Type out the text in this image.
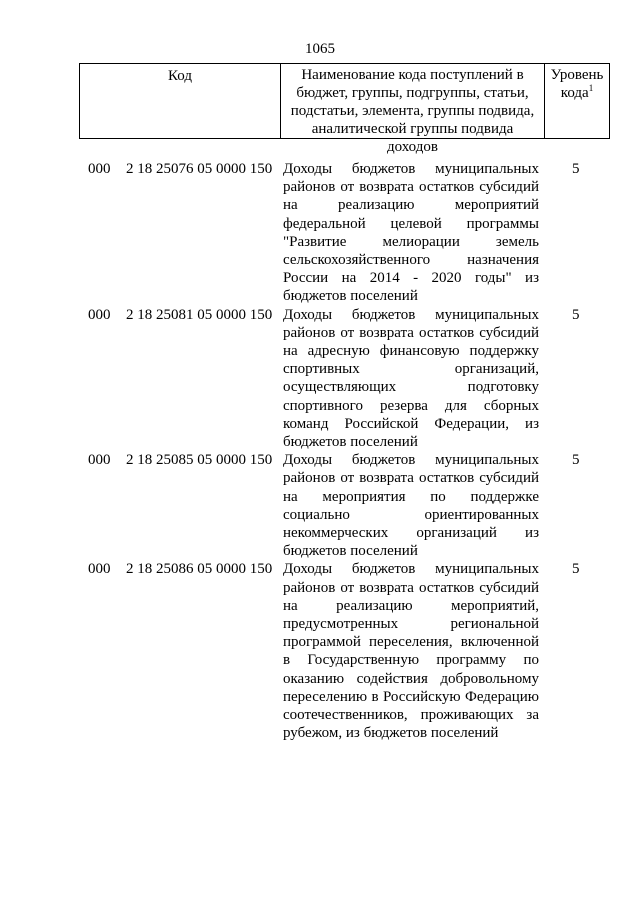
1065
Код	Наименование кода поступлений в бюджет, группы, подгруппы, статьи, подстатьи, элемента, группы подвида, аналитической группы подвида доходов
Уровень кода$^1$
000 2 18 25076 05 0000 150 Доходы бюджетов муниципальных районов от возврата остатков субсидий на реализацию мероприятий федеральной целевой программы "Развитие мелиорации земель сельскохозяйственного назначения России на 2014 - 2020 годы" из бюджетов поселений
5
000 2 18 25081 05 0000 150 Доходы бюджетов муниципальных районов от возврата остатков субсидий на адресную финансовую поддержку спортивных организаций, осуществляющих подготовку спортивного резерва для сборных команд Российской Федерации, из бюджетов поселений
5
000 2 18 25085 05 0000 150 Доходы бюджетов муниципальных районов от возврата остатков субсидий на мероприятия по поддержке социально ориентированных некоммерческих организаций из бюджетов поселений
5
000 2 18 25086 05 0000 150 Доходы бюджетов муниципальных районов от возврата остатков субсидий на реализацию мероприятий, предусмотренных региональной программой переселения, включенной в Государственную программу по оказанию содействия добровольному переселению в Российскую Федерацию соотечественников, проживающих за рубежом, из бюджетов поселений
5
